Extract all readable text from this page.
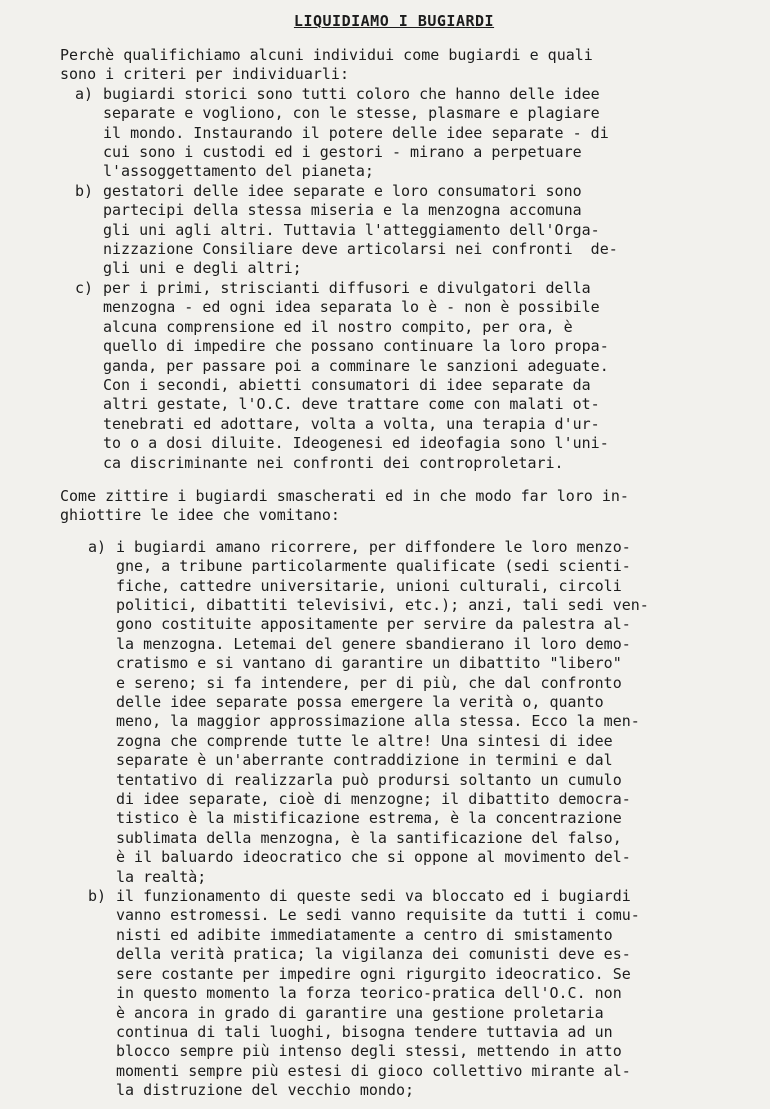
LIQUIDIAMO I BUGIARDI
Perchè qualifichiamo alcuni individui come bugiardi e quali
sono i criteri per individuarli:
a) bugiardi storici sono tutti coloro che hanno delle idee
separate e vogliono, con le stesse, plasmare e plagiare
il mondo. Instaurando il potere delle idee separate - di
cui sono i custodi ed i gestori - mirano a perpetuare
l'assoggettamento del pianeta;
b) gestatori delle idee separate e loro consumatori sono
partecipi della stessa miseria e la menzogna accomuna
gli uni agli altri. Tuttavia l'atteggiamento dell'Orga-
nizzazione Consiliare deve articolarsi nei confronti  de-
gli uni e degli altri;
c) per i primi, striscianti diffusori e divulgatori della
menzogna - ed ogni idea separata lo è - non è possibile
alcuna comprensione ed il nostro compito, per ora, è
quello di impedire che possano continuare la loro propa-
ganda, per passare poi a comminare le sanzioni adeguate.
Con i secondi, abietti consumatori di idee separate da
altri gestate, l'O.C. deve trattare come con malati ot-
tenebrati ed adottare, volta a volta, una terapia d'ur-
to o a dosi diluite. Ideogenesi ed ideofagia sono l'uni-
ca discriminante nei confronti dei controproletari.
Come zittire i bugiardi smascherati ed in che modo far loro in-
ghiottire le idee che vomitano:
a) i bugiardi amano ricorrere, per diffondere le loro menzo-
gne, a tribune particolarmente qualificate (sedi scienti-
fiche, cattedre universitarie, unioni culturali, circoli
politici, dibattiti televisivi, etc.); anzi, tali sedi ven-
gono costituite appositamente per servire da palestra al-
la menzogna. Letemai del genere sbandierano il loro demo-
cratismo e si vantano di garantire un dibattito "libero"
e sereno; si fa intendere, per di più, che dal confronto
delle idee separate possa emergere la verità o, quanto
meno, la maggior approssimazione alla stessa. Ecco la men-
zogna che comprende tutte le altre! Una sintesi di idee
separate è un'aberrante contraddizione in termini e dal
tentativo di realizzarla può prodursi soltanto un cumulo
di idee separate, cioè di menzogne; il dibattito democra-
tistico è la mistificazione estrema, è la concentrazione
sublimata della menzogna, è la santificazione del falso,
è il baluardo ideocratico che si oppone al movimento del-
la realtà;
b) il funzionamento di queste sedi va bloccato ed i bugiardi
vanno estromessi. Le sedi vanno requisite da tutti i comu-
nisti ed adibite immediatamente a centro di smistamento
della verità pratica; la vigilanza dei comunisti deve es-
sere costante per impedire ogni rigurgito ideocratico. Se
in questo momento la forza teorico-pratica dell'O.C. non
è ancora in grado di garantire una gestione proletaria
continua di tali luoghi, bisogna tendere tuttavia ad un
blocco sempre più intenso degli stessi, mettendo in atto
momenti sempre più estesi di gioco collettivo mirante al-
la distruzione del vecchio mondo;
